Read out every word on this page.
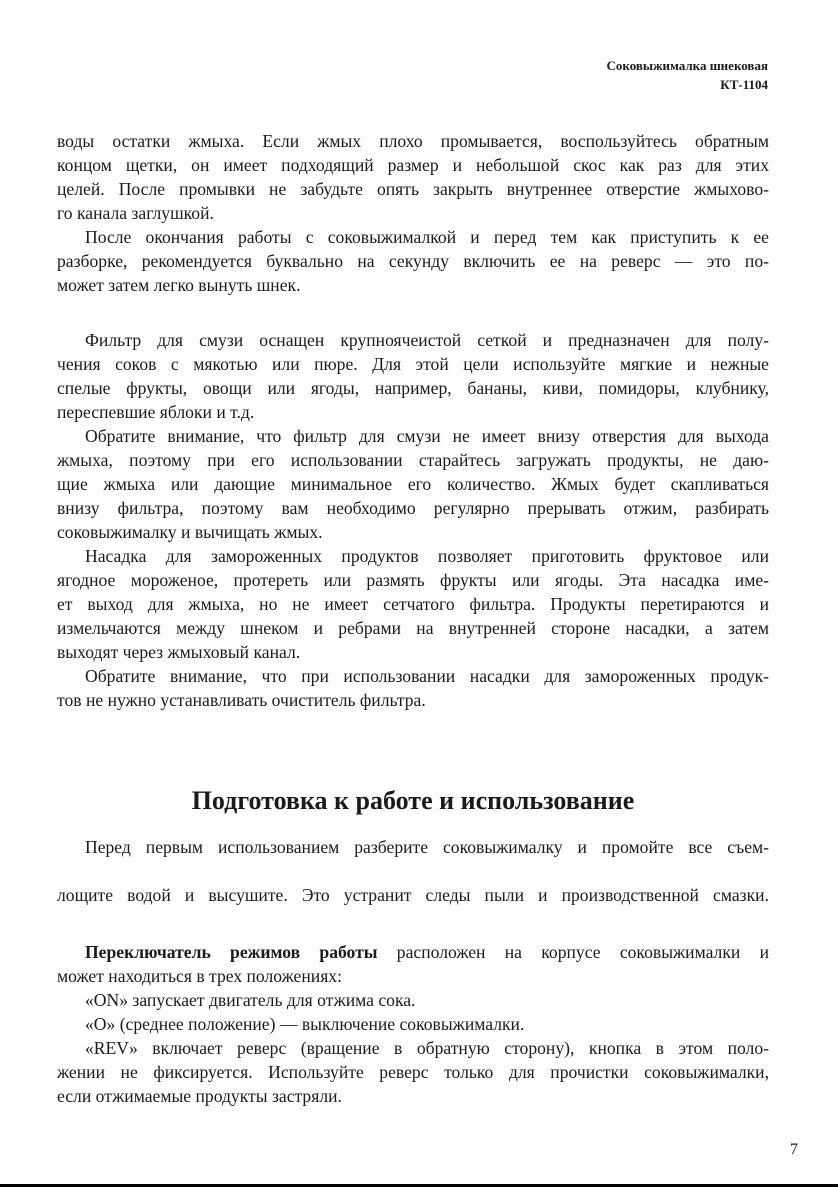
Соковыжималка шнековая
КТ-1104
воды остатки жмыха. Если жмых плохо промывается, воспользуйтесь обратным
концом щетки, он имеет подходящий размер и небольшой скос как раз для этих
целей. После промывки не забудьте опять закрыть внутреннее отверстие жмыхово-
го канала заглушкой.
После окончания работы с соковыжималкой и перед тем как приступить к ее
разборке, рекомендуется буквально на секунду включить ее на реверс — это по-
может затем легко вынуть шнек.
Фильтр для смузи оснащен крупноячеистой сеткой и предназначен для полу-
чения соков с мякотью или пюре. Для этой цели используйте мягкие и нежные
спелые фрукты, овощи или ягоды, например, бананы, киви, помидоры, клубнику,
переспевшие яблоки и т.д.
Обратите внимание, что фильтр для смузи не имеет внизу отверстия для выхода
жмыха, поэтому при его использовании старайтесь загружать продукты, не даю-
щие жмыха или дающие минимальное его количество. Жмых будет скапливаться
внизу фильтра, поэтому вам необходимо регулярно прерывать отжим, разбирать
соковыжималку и вычищать жмых.
Насадка для замороженных продуктов позволяет приготовить фруктовое или
ягодное мороженое, протереть или размять фрукты или ягоды. Эта насадка име-
ет выход для жмыха, но не имеет сетчатого фильтра. Продукты перетираются и
измельчаются между шнеком и ребрами на внутренней стороне насадки, а затем
выходят через жмыховый канал.
Обратите внимание, что при использовании насадки для замороженных продук-
тов не нужно устанавливать очиститель фильтра.
Подготовка к работе и использование
Перед первым использованием разберите соковыжималку и промойте все съем-
лощите водой и высушите. Это устранит следы пыли и производственной смазки.
Переключатель режимов работы расположен на корпусе соковыжималки и
может находиться в трех положениях:
«ON» запускает двигатель для отжима сока.
«O» (среднее положение) — выключение соковыжималки.
«REV» включает реверс (вращение в обратную сторону), кнопка в этом поло-
жении не фиксируется. Используйте реверс только для прочистки соковыжималки,
если отжимаемые продукты застряли.
7
